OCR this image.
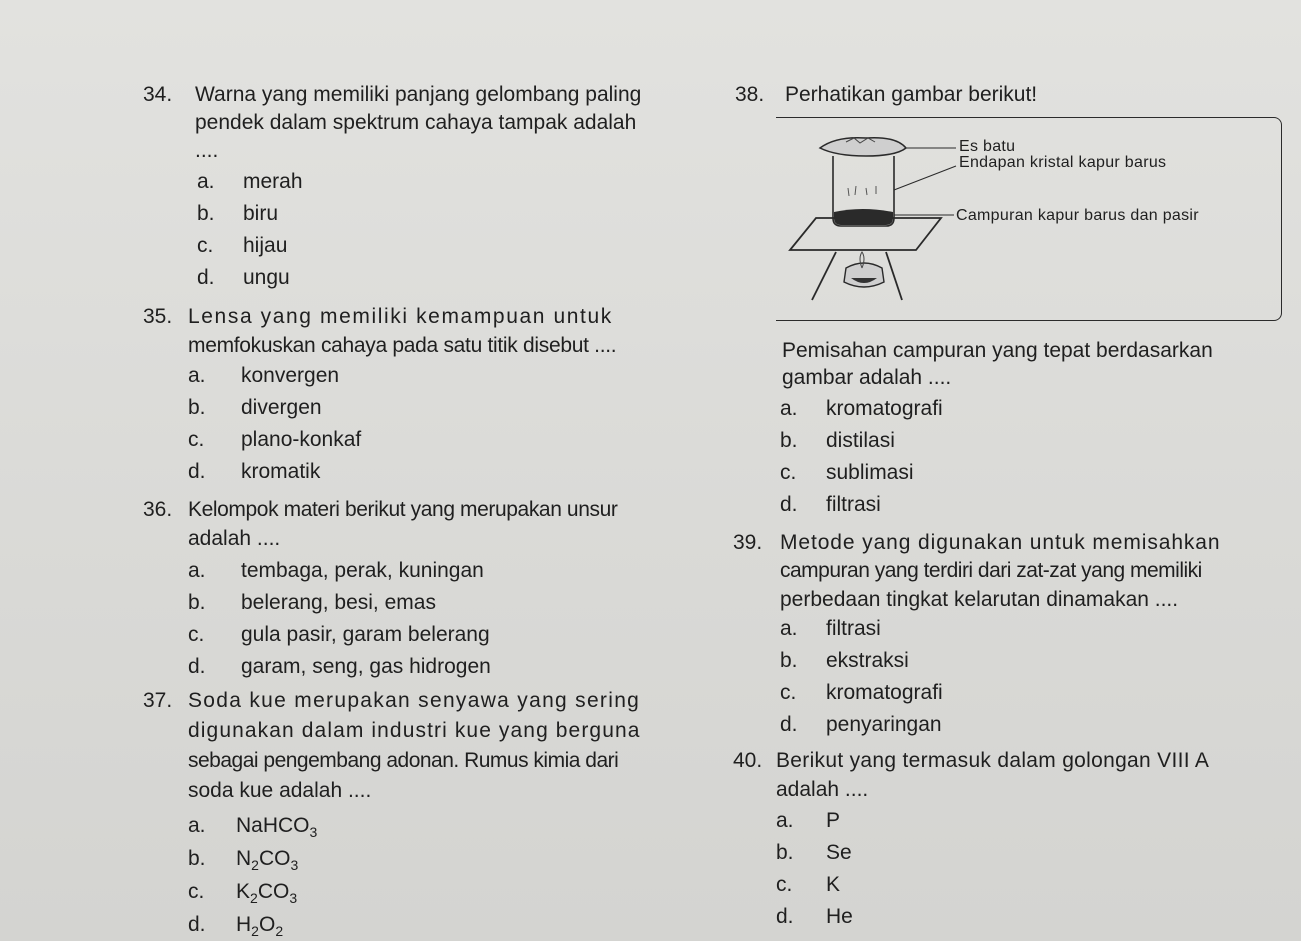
34. Warna yang memiliki panjang gelombang paling
pendek dalam spektrum cahaya tampak adalah
....
a. merah
b. biru
c. hijau
d. ungu
35. Lensa yang memiliki kemampuan untuk
memfokuskan cahaya pada satu titik disebut ....
a. konvergen
b. divergen
c. plano-konkaf
d. kromatik
36. Kelompok materi berikut yang merupakan unsur
adalah ....
a. tembaga, perak, kuningan
b. belerang, besi, emas
c. gula pasir, garam belerang
d. garam, seng, gas hidrogen
37. Soda kue merupakan senyawa yang sering
digunakan dalam industri kue yang berguna
sebagai pengembang adonan. Rumus kimia dari
soda kue adalah ....
a. NaHCO$_3$
b. $N_2CO_3$
c. $K_2CO_3$
d. $H_2O_2$
38. Perhatikan gambar berikut!
Es batu
Endapan kristal kapur barus
Campuran kapur barus dan pasir
Pemisahan campuran yang tepat berdasarkan
gambar adalah ....
a. kromatografi
b. distilasi
c. sublimasi
d. filtrasi
39. Metode yang digunakan untuk memisahkan
campuran yang terdiri dari zat-zat yang memiliki
perbedaan tingkat kelarutan dinamakan ....
a. filtrasi
b. ekstraksi
c. kromatografi
d. penyaringan
40. Berikut yang termasuk dalam golongan VIII A
adalah ....
a. P
b. Se
c. K
d. He
